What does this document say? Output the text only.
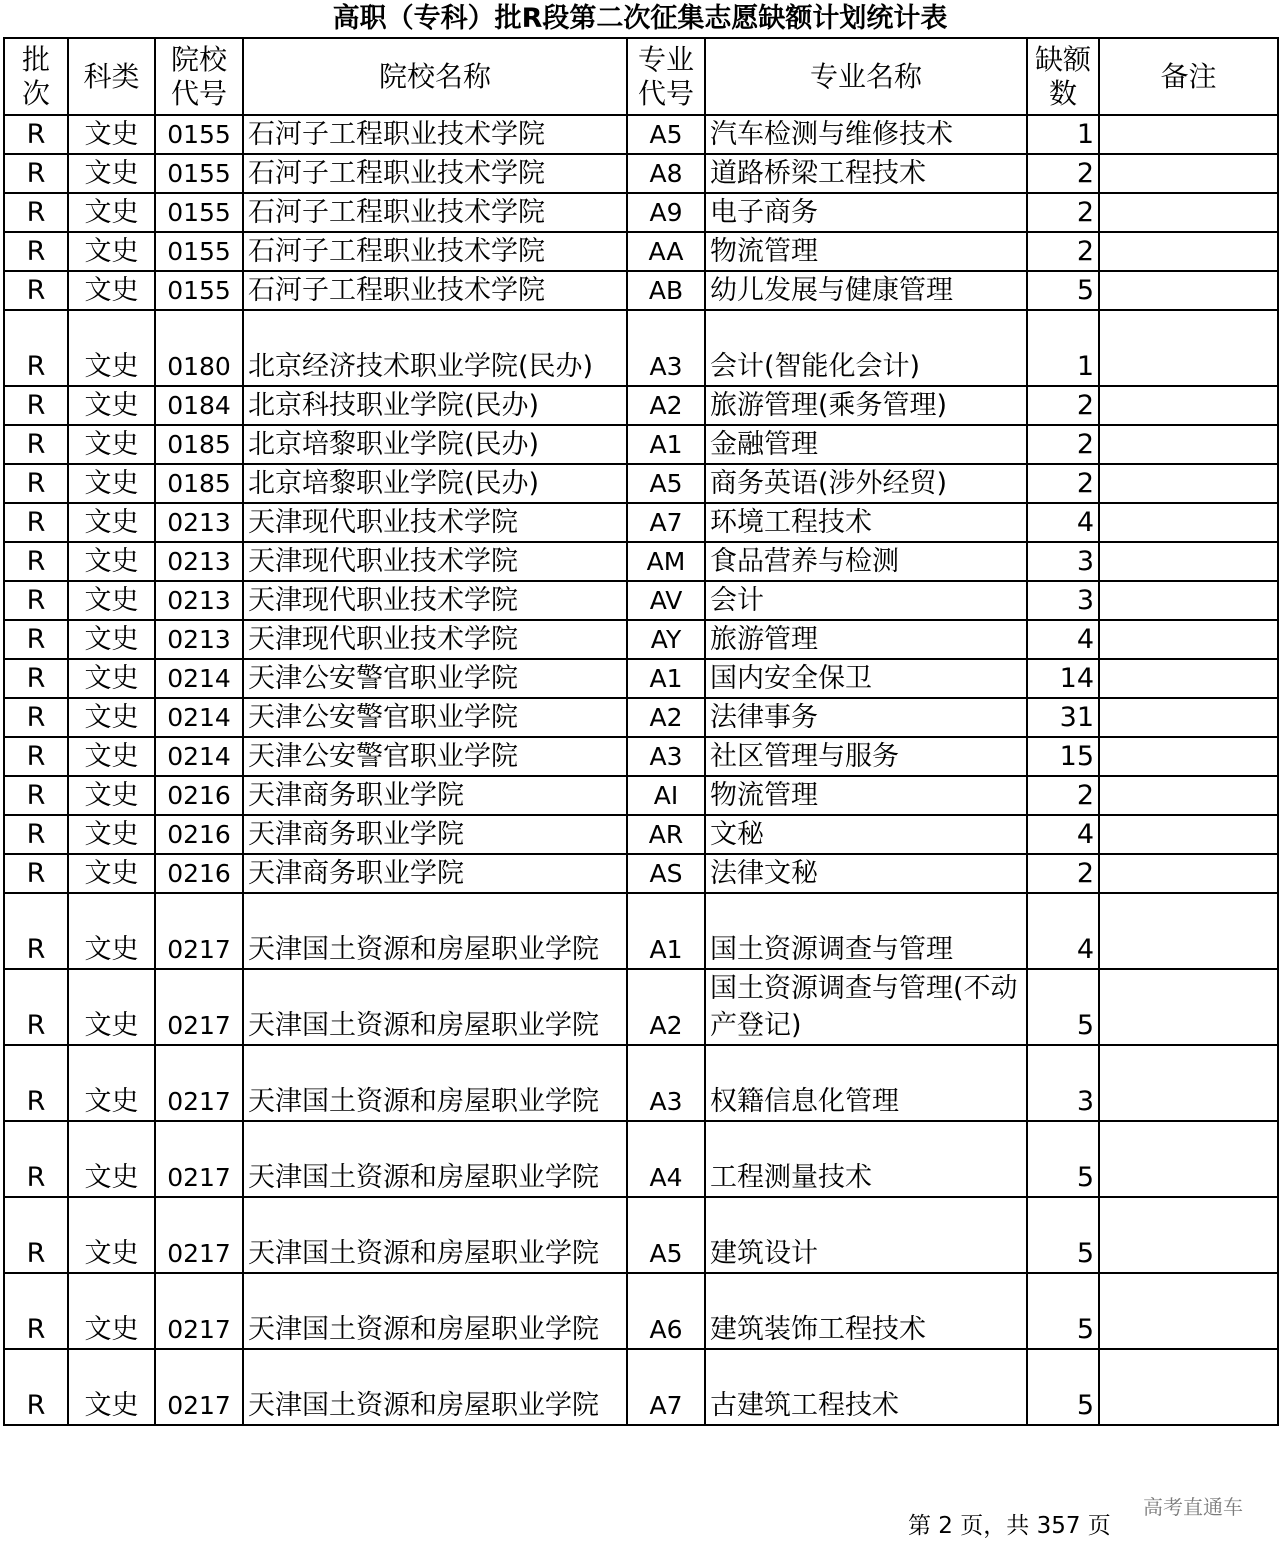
高职（专科）批R段第二次征集志愿缺额计划统计表
批次	科类	院校代号	院校名称	专业代号	专业名称	缺额数	备注
R	文史	0155	石河子工程职业技术学院	A5	汽车检测与维修技术	1	
R	文史	0155	石河子工程职业技术学院	A8	道路桥梁工程技术	2	
R	文史	0155	石河子工程职业技术学院	A9	电子商务	2	
R	文史	0155	石河子工程职业技术学院	AA	物流管理	2	
R	文史	0155	石河子工程职业技术学院	AB	幼儿发展与健康管理	5	
R	文史	0180	北京经济技术职业学院(民办)	A3	会计(智能化会计)	1	
R	文史	0184	北京科技职业学院(民办)	A2	旅游管理(乘务管理)	2	
R	文史	0185	北京培黎职业学院(民办)	A1	金融管理	2	
R	文史	0185	北京培黎职业学院(民办)	A5	商务英语(涉外经贸)	2	
R	文史	0213	天津现代职业技术学院	A7	环境工程技术	4	
R	文史	0213	天津现代职业技术学院	AM	食品营养与检测	3	
R	文史	0213	天津现代职业技术学院	AV	会计	3	
R	文史	0213	天津现代职业技术学院	AY	旅游管理	4	
R	文史	0214	天津公安警官职业学院	A1	国内安全保卫	14	
R	文史	0214	天津公安警官职业学院	A2	法律事务	31	
R	文史	0214	天津公安警官职业学院	A3	社区管理与服务	15	
R	文史	0216	天津商务职业学院	AI	物流管理	2	
R	文史	0216	天津商务职业学院	AR	文秘	4	
R	文史	0216	天津商务职业学院	AS	法律文秘	2	
R	文史	0217	天津国土资源和房屋职业学院	A1	国土资源调查与管理	4	
R	文史	0217	天津国土资源和房屋职业学院	A2	国土资源调查与管理(不动产登记)	5	
R	文史	0217	天津国土资源和房屋职业学院	A3	权籍信息化管理	3	
R	文史	0217	天津国土资源和房屋职业学院	A4	工程测量技术	5	
R	文史	0217	天津国土资源和房屋职业学院	A5	建筑设计	5	
R	文史	0217	天津国土资源和房屋职业学院	A6	建筑装饰工程技术	5	
R	文史	0217	天津国土资源和房屋职业学院	A7	古建筑工程技术	5	
高考直通车
第 2 页，共 357 页
